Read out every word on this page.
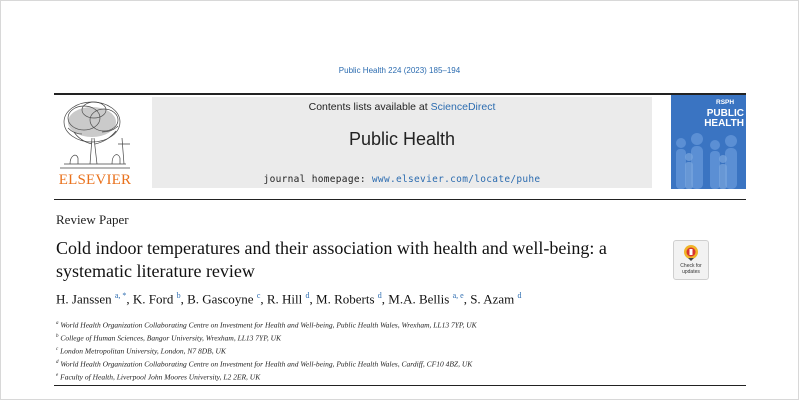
Public Health 224 (2023) 185–194
ELSEVIER
Contents lists available at ScienceDirect
Public Health
journal homepage: www.elsevier.com/locate/puhe
RSPH
PUBLIC
HEALTH
Review Paper
Cold indoor temperatures and their association with health and well-being: a systematic literature review	Check for
updates
H. Janssen $^{a, *}$, K. Ford $^b$, B. Gascoyne $^c$, R. Hill $^d$, M. Roberts $^d$, M.A. Bellis $^{a, e}$, S. Azam $^d$
$^a$ World Health Organization Collaborating Centre on Investment for Health and Well-being, Public Health Wales, Wrexham, LL13 7YP, UK
$^b$ College of Human Sciences, Bangor University, Wrexham, LL13 7YP, UK
$^c$ London Metropolitan University, London, N7 8DB, UK
$^d$ World Health Organization Collaborating Centre on Investment for Health and Well-being, Public Health Wales, Cardiff, CF10 4BZ, UK
$^e$ Faculty of Health, Liverpool John Moores University, L2 2ER, UK
